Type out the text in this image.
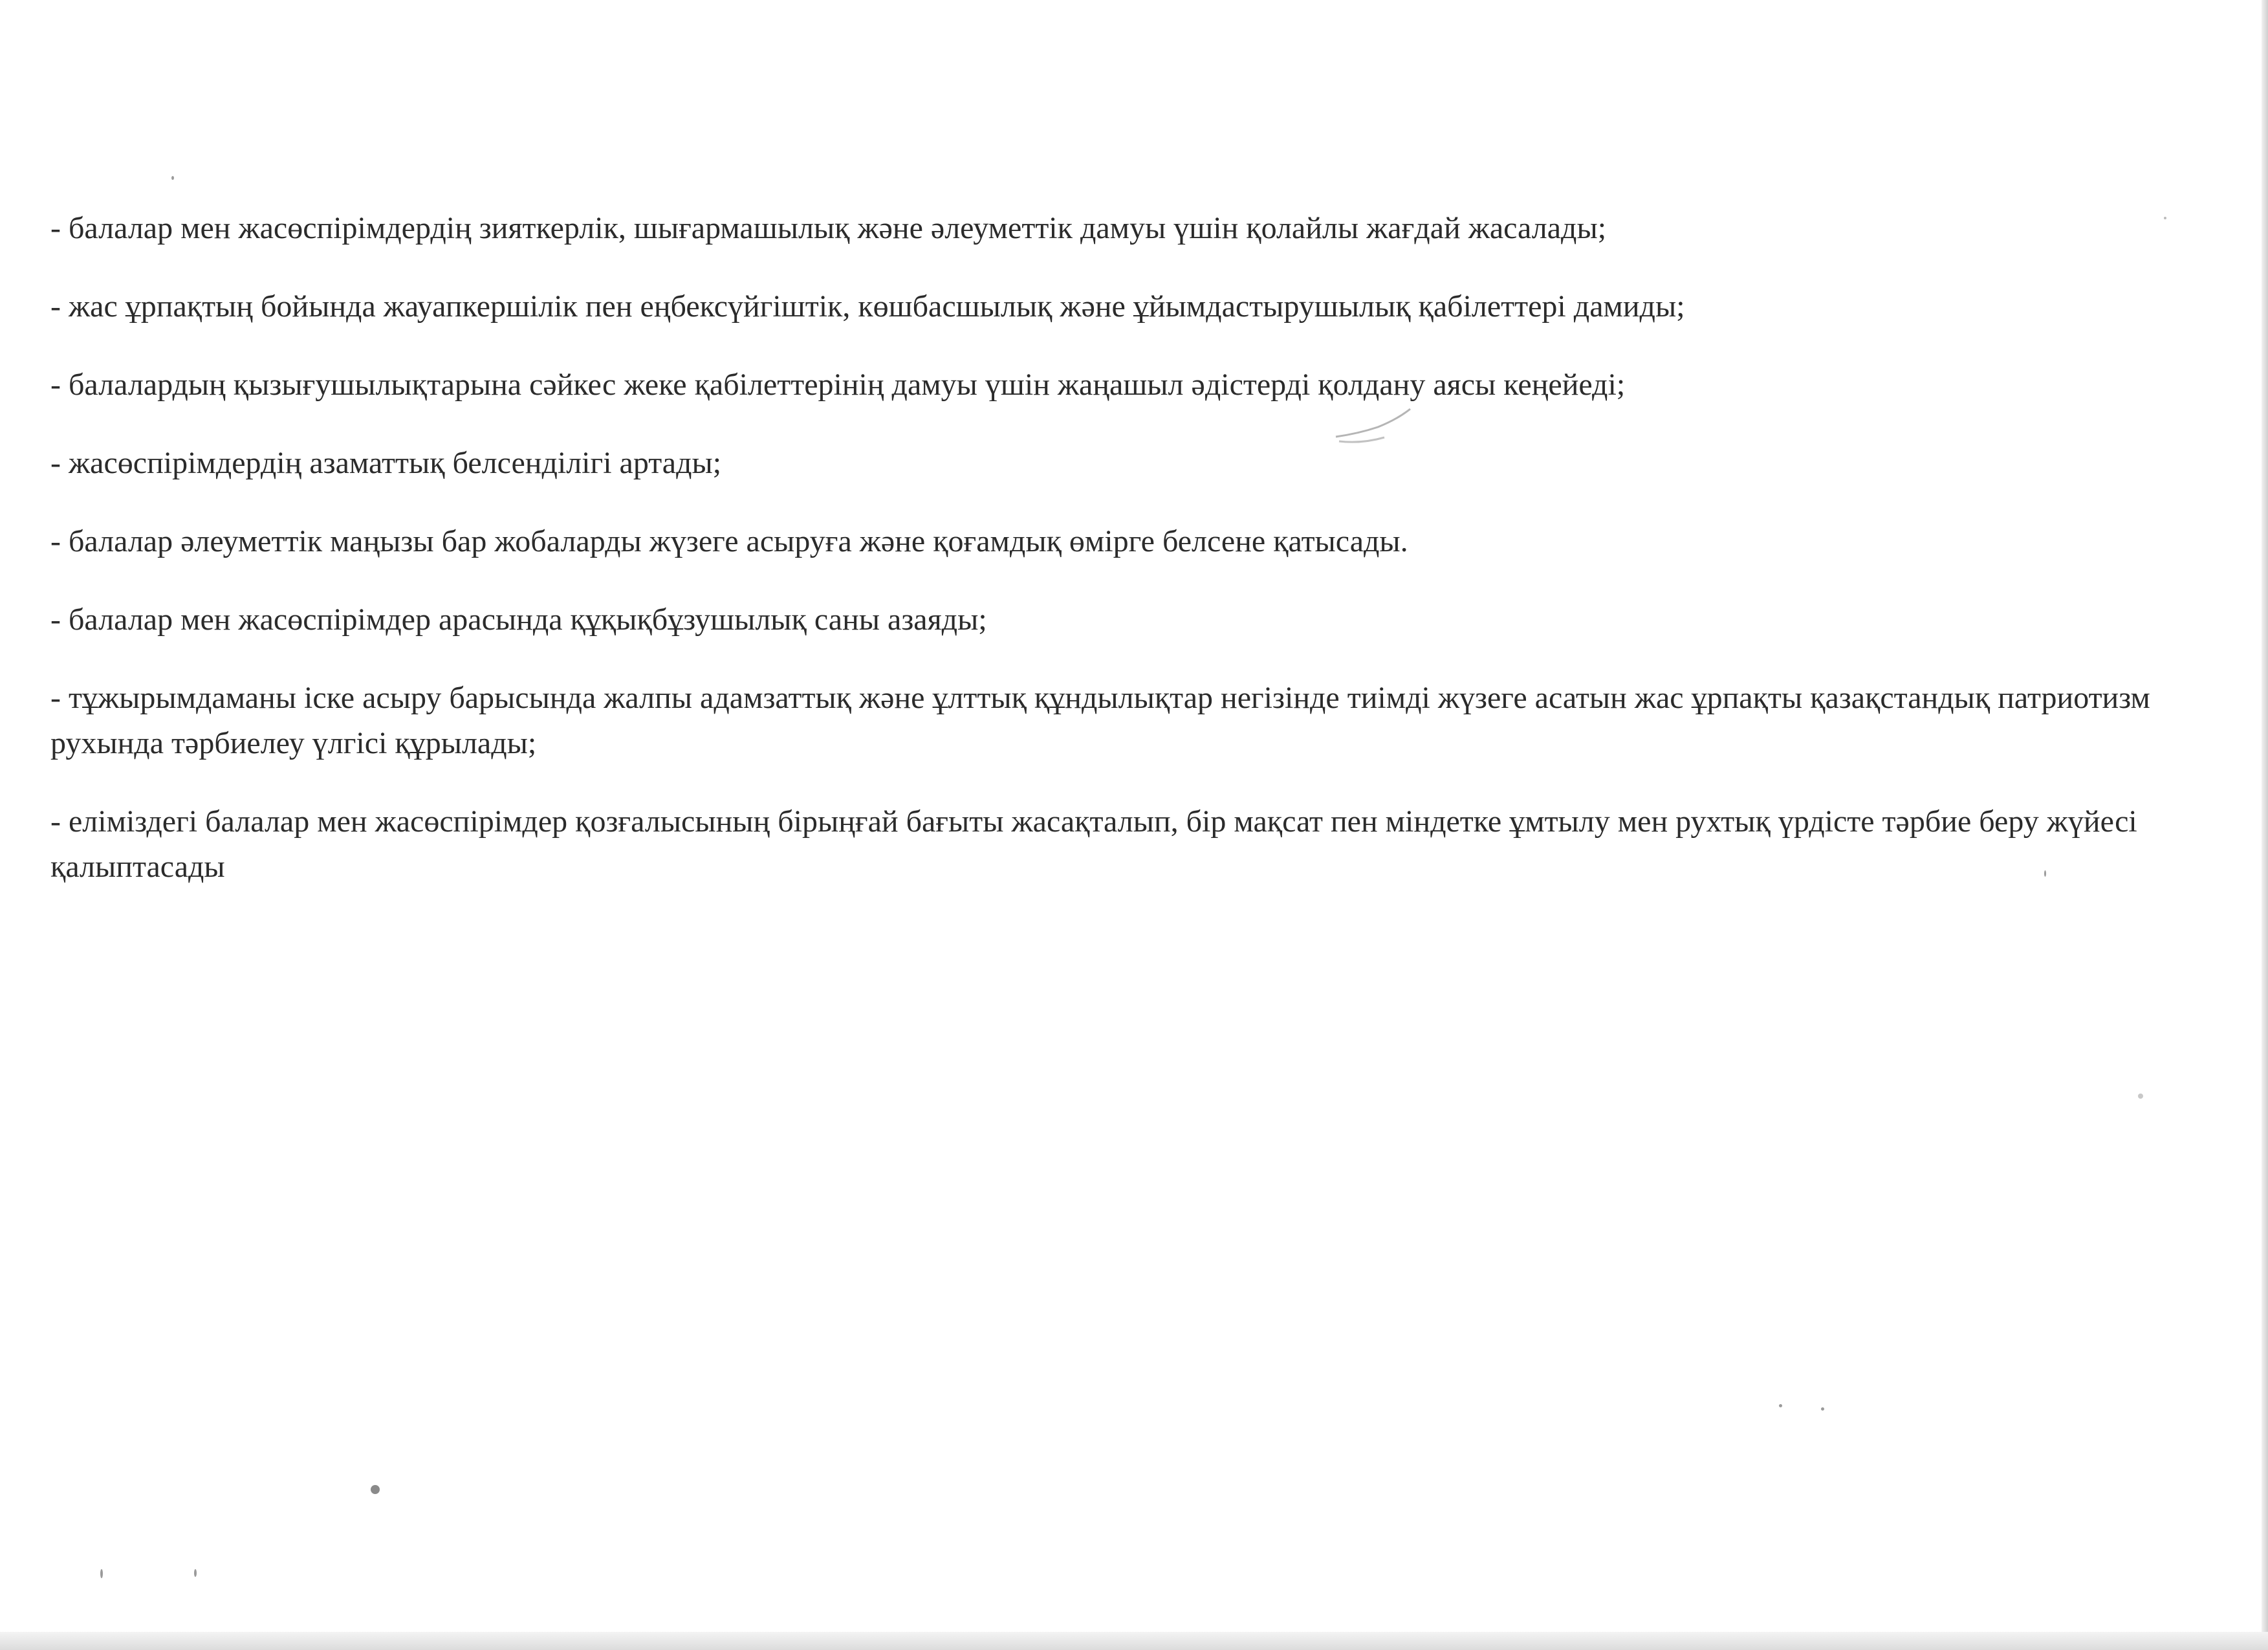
- балалар мен жасөспірімдердің зияткерлік, шығармашылық және әлеуметтік дамуы үшін қолайлы жағдай жасалады;

- жас ұрпақтың бойында жауапкершілік пен еңбексүйгіштік, көшбасшылық және ұйымдастырушылық қабілеттері дамиды;

- балалардың қызығушылықтарына сәйкес жеке қабілеттерінің дамуы үшін жаңашыл әдістерді қолдану аясы кеңейеді;

- жасөспірімдердің азаматтық белсенділігі артады;

- балалар әлеуметтік маңызы бар жобаларды жүзеге асыруға және қоғамдық өмірге белсене қатысады.

- балалар мен жасөспірімдер арасында құқықбұзушылық саны азаяды;

- тұжырымдаманы іске асыру барысында жалпы адамзаттық және ұлттық құндылықтар негізінде тиімді жүзеге асатын жас ұрпақты қазақстандық патриотизм рухында тәрбиелеу үлгісі құрылады;

- еліміздегі балалар мен жасөспірімдер қозғалысының бірыңғай бағыты жасақталып, бір мақсат пен міндетке ұмтылу мен рухтық үрдісте тәрбие беру жүйесі қалыптасады
